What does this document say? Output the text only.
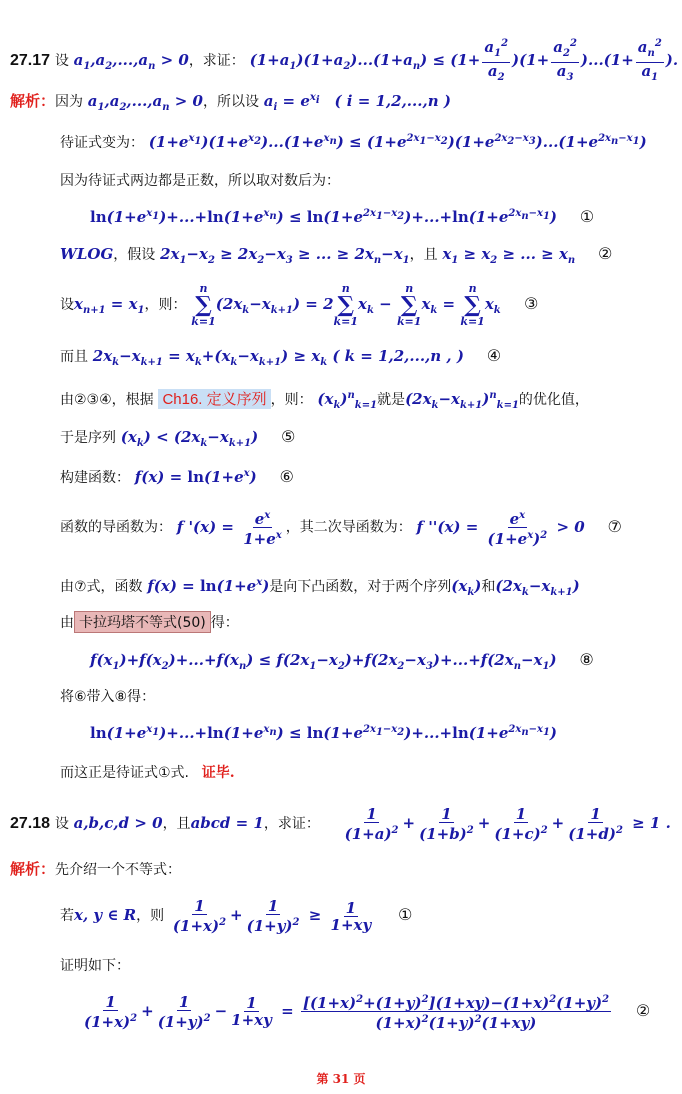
27.17 设 $a_1,a_2,...,a_n > 0$，求证： $(1+a_1)(1+a_2)...(1+a_n) \le (1+ \frac{a_1^2}{a_2} )(1+ \frac{a_2^2}{a_3} )...(1+ \frac{a_n^2}{a_1}$ ).
解析：因为 $a_1,a_2,...,a_n > 0$，所以设 $a_i = e^{x_i}$ ( i = 1,2,...,n )
待证式变为： $(1+e^{x_1})(1+e^{x_2})...(1+e^{x_n}) \le (1+e^{2x_1-x_2})(1+e^{2x_2-x_3})...(1+e^{2x_n-x_1})$
因为待证式两边都是正数，所以取对数后为：
$\ln(1+e^{x_1})+...+\ln(1+e^{x_n}) \le \ln(1+e^{2x_1-x_2})+...+\ln(1+e^{2x_n-x_1})$ ①
WLOG，假设 $2x_1-x_2 \ge 2x_2-x_3$ ≥ ... ≥ $2x_n-x_1$，且 $x_1 \ge x_2$ ≥ ... ≥ $x_n$ ②
设$x_{n+1} = x_1$，则：
n
∑
k=1
$(2x_k-x_{k+1}) = 2$
n
∑
k=1
$x_k$ −
n
∑
k=1
$x_k$ =
n
∑
k=1
$x_k$ ③
而且 $2x_k-x_{k+1} = x_k+(x_k-x_{k+1}) \ge x_k$ ( k = 1,2,...,n , ) ④
由②③④，根据 Ch16. 定义序列 ，则： $(x_k)^n_{k=1}$就是$(2x_k-x_{k+1})^n_{k=1}$的优化值，
于是序列 $(x_k) < (2x_k-x_{k+1})$ ⑤
构建函数： $f(x) = \ln(1+e^x)$ ⑥
函数的导函数为： f '$(x) = \frac{e^x}{1+e^x}$ ，其二次导函数为： f ''$(x) = \frac{e^x}{(1+e^x)^2} > 0$ ⑦
由⑦式，函数 $f(x) = \ln(1+e^x)$是向下凸函数，对于两个序列$(x_k)$和$(2x_k-x_{k+1})$
由 卡拉玛塔不等式(50) 得：
$f(x_1)+f(x_2)+...+f(x_n) \le f(2x_1-x_2)+f(2x_2-x_3)+...+f(2x_n-x_1)$ ⑧
将⑥带入⑧得：
$\ln(1+e^{x_1})+...+\ln(1+e^{x_n}) \le \ln(1+e^{2x_1-x_2})+...+\ln(1+e^{2x_n-x_1})$
而这正是待证式①式. 证毕.
27.18 设 a,b,c,d > 0，且abcd = 1，求证： $\frac{1}{(1+a)^2} + \frac{1}{(1+b)^2} + \frac{1}{(1+c)^2} + \frac{1}{(1+d)^2} \ge 1$ .
解析：先介绍一个不等式：
若x, y ∈ R，则 $\frac{1}{(1+x)^2} + \frac{1}{(1+y)^2} \ge \frac{1}{1+xy}$ ①
证明如下：
$\frac{1}{(1+x)^2} + \frac{1}{(1+y)^2} - \frac{1}{1+xy} = \frac{[(1+x)^2+(1+y)^2](1+xy)-(1+x)^2(1+y)^2}{(1+x)^2(1+y)^2(1+xy)}$ ②
第 31 页
